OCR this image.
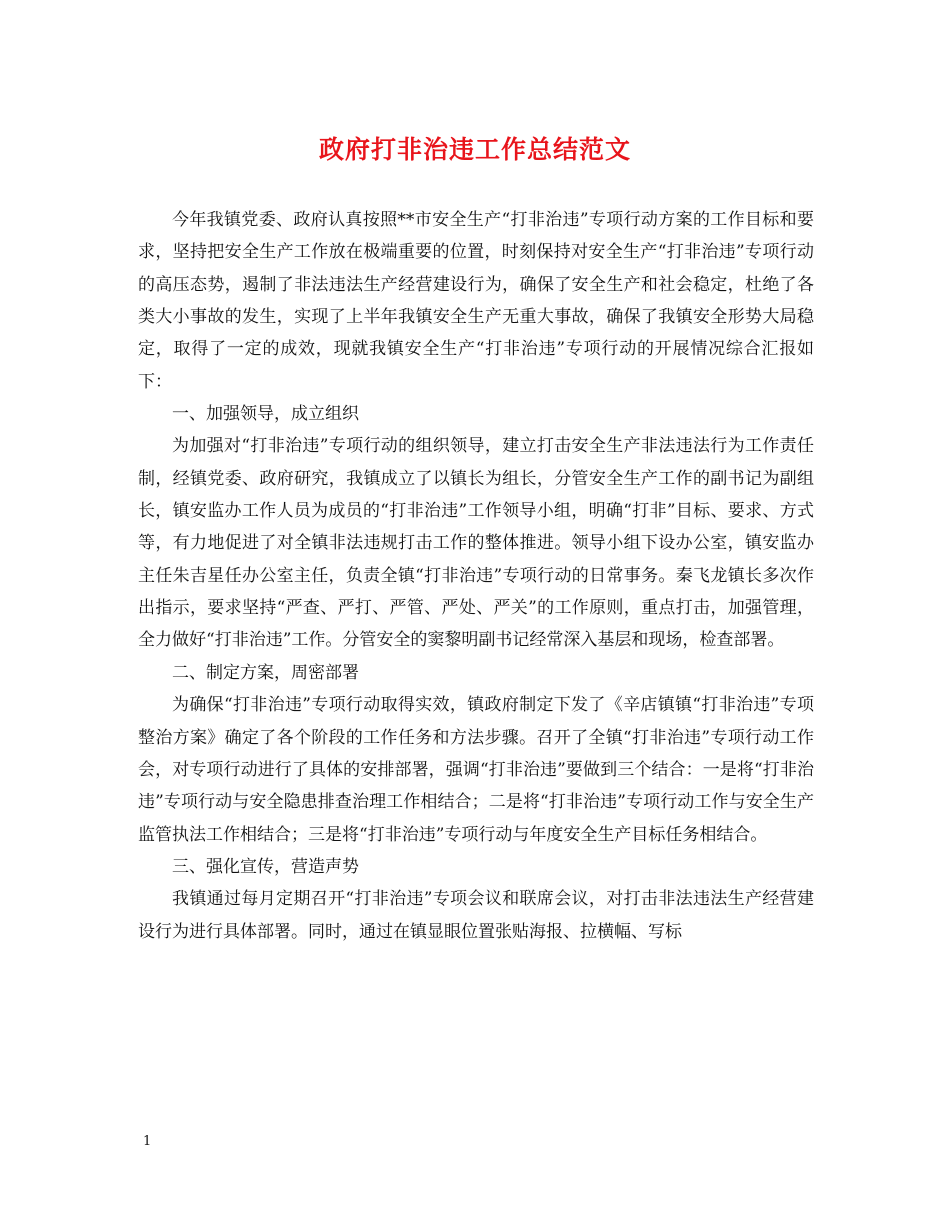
政府打非治违工作总结范文

今年我镇党委、政府认真按照**市安全生产“打非治违”专项行动方案的工作目标和要求，坚持把安全生产工作放在极端重要的位置，时刻保持对安全生产“打非治违”专项行动的高压态势，遏制了非法违法生产经营建设行为，确保了安全生产和社会稳定，杜绝了各类大小事故的发生，实现了上半年我镇安全生产无重大事故，确保了我镇安全形势大局稳定，取得了一定的成效，现就我镇安全生产“打非治违”专项行动的开展情况综合汇报如下：

一、加强领导，成立组织

为加强对“打非治违”专项行动的组织领导，建立打击安全生产非法违法行为工作责任制，经镇党委、政府研究，我镇成立了以镇长为组长，分管安全生产工作的副书记为副组长，镇安监办工作人员为成员的“打非治违”工作领导小组，明确“打非”目标、要求、方式等，有力地促进了对全镇非法违规打击工作的整体推进。领导小组下设办公室，镇安监办主任朱吉星任办公室主任，负责全镇“打非治违”专项行动的日常事务。秦飞龙镇长多次作出指示，要求坚持“严查、严打、严管、严处、严关”的工作原则，重点打击，加强管理，全力做好“打非治违”工作。分管安全的窦黎明副书记经常深入基层和现场，检查部署。

二、制定方案，周密部署

为确保“打非治违”专项行动取得实效，镇政府制定下发了《辛店镇镇“打非治违”专项整治方案》确定了各个阶段的工作任务和方法步骤。召开了全镇“打非治违”专项行动工作会，对专项行动进行了具体的安排部署，强调“打非治违”要做到三个结合：一是将“打非治违”专项行动与安全隐患排查治理工作相结合；二是将“打非治违”专项行动工作与安全生产监管执法工作相结合；三是将“打非治违”专项行动与年度安全生产目标任务相结合。

三、强化宣传，营造声势

我镇通过每月定期召开“打非治违”专项会议和联席会议，对打击非法违法生产经营建设行为进行具体部署。同时，通过在镇显眼位置张贴海报、拉横幅、写标

1
